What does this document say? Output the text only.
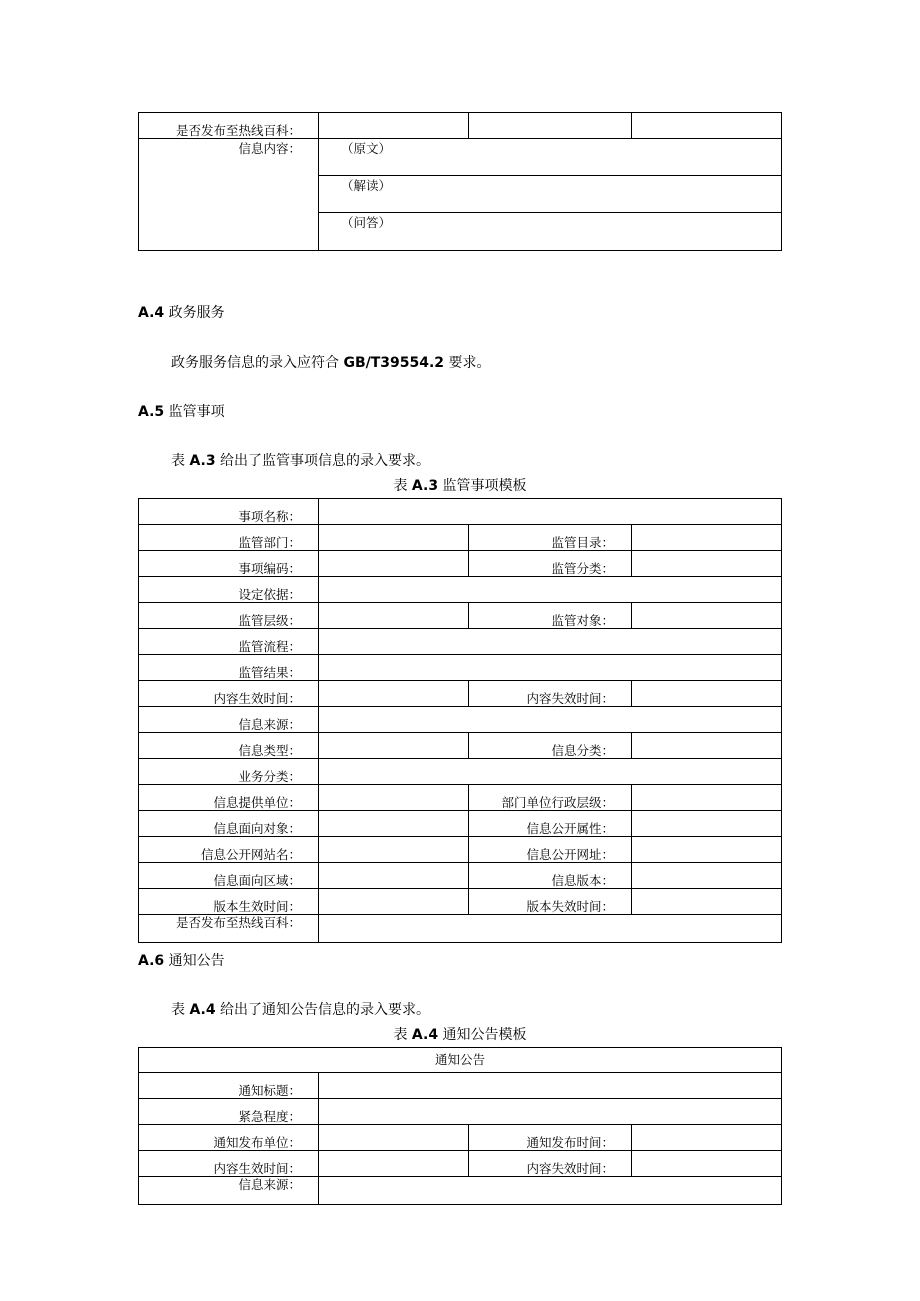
是否发布至热线百科：			
信息内容：	（原文）		

	（解读）		

	（问答）		
A.4 政务服务
政务服务信息的录入应符合 GB/T39554.2 要求。
A.5 监管事项
表 A.3 给出了监管事项信息的录入要求。
表 A.3 监管事项模板
事项名称：			
监管部门：		监管目录：	
事项编码：		监管分类：	
设定依据：			
监管层级：		监管对象：	
监管流程：			
监管结果：			
内容生效时间：		内容失效时间：	
信息来源：			
信息类型：		信息分类：	
业务分类：			
信息提供单位：		部门单位行政层级：	
信息面向对象：		信息公开属性：	
信息公开网站名：		信息公开网址：	
信息面向区域：		信息版本：	
版本生效时间：		版本失效时间：	
是否发布至热线百科：			
A.6 通知公告
表 A.4 给出了通知公告信息的录入要求。
表 A.4 通知公告模板
通知公告			
通知标题：			
紧急程度：			
通知发布单位：		通知发布时间：	
内容生效时间：		内容失效时间：	
信息来源：			
